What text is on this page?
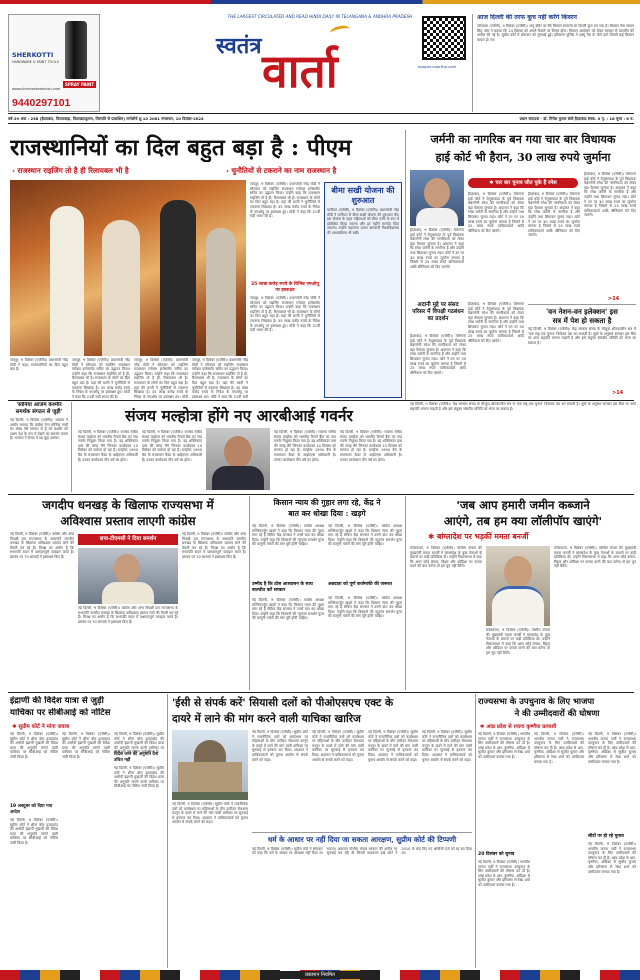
SHERKOTTI
HARDWARE & PAINT TOOLS
SPRAY PAINT
www.cherrieskeebrush.com
9440297101
THE LARGEST CIRCULATED AND READ HINDI DAILY IN TELANGANA & ANDHRA PRADESH
स्वतंत्र वार्ता	epaper.vaartha.com
आज दिल्ली की तरफ कूच नहीं करेंगे किसान
पटियाला (एजेंसी), 9 दिसंबर (एजेंसी)। शंभू बॉर्डर पर बैठे किसान संगठनों का दिल्ली कूच टल गया है। किसान नेता सरवन सिंह पंधेर ने बताया कि 14 दिसंबर को अगले फैसले पर विचार होगा। किसान आंदोलन को लेकर सरकार से बातचीत की अपील की गई है। सुप्रीम कोर्ट में सोमवार को सुनवाई हुई। हरियाणा पुलिस ने आंसू गैस के गोले दागे जिसमें कई किसान घायल हो गए।
वर्ष-29 अंक : 258 (हैदराबाद, विजयवाड़ा, विशाखापट्टणम, तिरुपति से प्रकाशित) मार्गशीर्ष शु.10 2081 मंगलवार, 10 दिसंबर-2024	प्रधान संपादक - डॉ. गिरीश कुमार संघी हैदराबाद संस्क. 0 पृ. : 16 मूल्य : 6 रु.
राजस्थानियों का दिल बहुत बड़ा है : पीएम
› राजस्थान राइजिंग तो है ही रिलायबल भी है	› चुनौतियों से टकराने का नाम राजस्थान है
जयपुर, 9 दिसंबर (एजेंसी)। प्रधानमंत्री नरेंद्र मोदी ने कहा, राजस्थानियों का दिल बहुत बड़ा है।
जयपुर, 9 दिसंबर (एजेंसी)। प्रधानमंत्री नरेंद्र मोदी ने सोमवार को राइजिंग राजस्थान ग्लोबल इन्वेस्टमेंट समिट का उद्घाटन किया। उन्होंने कहा कि राजस्थान राइजिंग तो है ही, रिलायबल भी है। राजस्थान के लोगों का दिल बहुत बड़ा है। यहां की धरती ने चुनौतियों से टकराना सिखाया है। 35 लाख करोड़ रुपये के निवेश के एमओयू पर हस्ताक्षर हुए। मोदी ने कहा कि 21वीं सदी भारत की है।
जयपुर, 9 दिसंबर (एजेंसी)। प्रधानमंत्री नरेंद्र मोदी ने सोमवार को राइजिंग राजस्थान ग्लोबल इन्वेस्टमेंट समिट का उद्घाटन किया। उन्होंने कहा कि राजस्थान राइजिंग तो है ही, रिलायबल भी है। राजस्थान के लोगों का दिल बहुत बड़ा है। यहां की धरती ने चुनौतियों से टकराना सिखाया है। 35 लाख करोड़ रुपये के निवेश के एमओयू पर हस्ताक्षर हुए। मोदी
जयपुर, 9 दिसंबर (एजेंसी)। प्रधानमंत्री नरेंद्र मोदी ने सोमवार को राइजिंग राजस्थान ग्लोबल इन्वेस्टमेंट समिट का उद्घाटन किया। उन्होंने कहा कि राजस्थान राइजिंग तो है ही, रिलायबल भी है। राजस्थान के लोगों का दिल बहुत बड़ा है। यहां की धरती ने चुनौतियों से टकराना सिखाया है। 35 लाख करोड़ रुपये के निवेश के एमओयू पर हस्ताक्षर हुए। मोदी ने कहा कि 21वीं सदी
जयपुर, 9 दिसंबर (एजेंसी)। प्रधानमंत्री नरेंद्र मोदी ने सोमवार को राइजिंग राजस्थान ग्लोबल इन्वेस्टमेंट समिट का उद्घाटन किया। उन्होंने कहा कि राजस्थान राइजिंग तो है ही, रिलायबल भी है। राजस्थान के लोगों का दिल बहुत बड़ा है। यहां की धरती ने चुनौतियों से टकराना सिखाया है। 35 लाख करोड़ रुपये के निवेश के एमओयू पर हस्ताक्षर हुए। मोदी ने कहा कि 21वीं सदी भारत की है।
35 लाख करोड़ रुपये के विभिन्न एमओयू पर हस्ताक्षर
जयपुर, 9 दिसंबर (एजेंसी)। प्रधानमंत्री नरेंद्र मोदी ने सोमवार को राइजिंग राजस्थान ग्लोबल इन्वेस्टमेंट समिट का उद्घाटन किया। उन्होंने कहा कि राजस्थान राइजिंग तो है ही, रिलायबल भी है। राजस्थान के लोगों का दिल बहुत बड़ा है। यहां की धरती ने चुनौतियों से टकराना सिखाया है। 35 लाख करोड़ रुपये के निवेश के एमओयू पर हस्ताक्षर हुए। मोदी ने कहा कि 21वीं सदी भारत की है।
बीमा सखी योजना की शुरुआत
पानीपत (एजेंसी), 9 दिसंबर (एजेंसी)। प्रधानमंत्री नरेंद्र मोदी ने पानीपत से बीमा सखी योजना की शुरुआत की। इस योजना के तहत महिलाओं को बीमा एजेंट के रूप में प्रशिक्षित किया जाएगा और हर महीने मानदेय दिया जाएगा। उन्होंने महाराणा प्रताप बागवानी विश्वविद्यालय की आधारशिला भी रखी।
जर्मनी का नागरिक बन गया चार बार विधायक
हाई कोर्ट भी हैरान, 30 लाख रुपये जुर्माना
हैदराबाद, 9 दिसंबर (एजेंसी)। तेलंगाना हाई कोर्ट ने वेमुलावाड़ा के पूर्व विधायक चेन्नमनेनी रमेश की नागरिकता को लेकर बड़ा फैसला सुनाया है। अदालत ने कहा कि रमेश जर्मनी के नागरिक हैं और उन्होंने तथ्य छिपाकर चुनाव लड़ा। कोर्ट ने उन पर 30 लाख रुपये का जुर्माना लगाया है जिसमें से 25 लाख रुपये याचिकाकर्ता आदि श्रीनिवास को दिए जाएंगे।
✱ चार बार चुनाव जीत चुके हैं रमेश
हैदराबाद, 9 दिसंबर (एजेंसी)। तेलंगाना हाई कोर्ट ने वेमुलावाड़ा के पूर्व विधायक चेन्नमनेनी रमेश की नागरिकता को लेकर बड़ा फैसला सुनाया है। अदालत ने कहा कि रमेश जर्मनी के नागरिक हैं और उन्होंने तथ्य छिपाकर चुनाव लड़ा। कोर्ट ने उन पर 30 लाख रुपये का जुर्माना लगाया है जिसमें से 25 लाख रुपये याचिकाकर्ता आदि श्रीनिवास को दिए जाएंगे।
हैदराबाद, 9 दिसंबर (एजेंसी)। तेलंगाना हाई कोर्ट ने वेमुलावाड़ा के पूर्व विधायक चेन्नमनेनी रमेश की नागरिकता को लेकर बड़ा फैसला सुनाया है। अदालत ने कहा कि रमेश जर्मनी के नागरिक हैं और उन्होंने तथ्य छिपाकर चुनाव लड़ा। कोर्ट ने उन पर 30 लाख रुपये का जुर्माना लगाया है जिसमें से 25 लाख रुपये याचिकाकर्ता आदि श्रीनिवास को दिए जाएंगे।
हैदराबाद, 9 दिसंबर (एजेंसी)। तेलंगाना हाई कोर्ट ने वेमुलावाड़ा के पूर्व विधायक चेन्नमनेनी रमेश की नागरिकता को लेकर बड़ा फैसला सुनाया है। अदालत ने कहा कि रमेश जर्मनी के नागरिक हैं और उन्होंने तथ्य छिपाकर चुनाव लड़ा। कोर्ट ने उन पर 30 लाख रुपये का जुर्माना लगाया है जिसमें से 25 लाख रुपये याचिकाकर्ता आदि श्रीनिवास को दिए जाएंगे।
>14
अदानी मुद्दे पर संसद परिसर में विपक्षी गठबंधन का प्रदर्शन
हैदराबाद, 9 दिसंबर (एजेंसी)। तेलंगाना हाई कोर्ट ने वेमुलावाड़ा के पूर्व विधायक चेन्नमनेनी रमेश की नागरिकता को लेकर बड़ा फैसला सुनाया है। अदालत ने कहा कि रमेश जर्मनी के नागरिक हैं और उन्होंने तथ्य छिपाकर चुनाव लड़ा। कोर्ट ने उन पर 30 लाख रुपये का जुर्माना लगाया है जिसमें से 25 लाख रुपये याचिकाकर्ता आदि श्रीनिवास को दिए जाएंगे।
हैदराबाद, 9 दिसंबर (एजेंसी)। तेलंगाना हाई कोर्ट ने वेमुलावाड़ा के पूर्व विधायक चेन्नमनेनी रमेश की नागरिकता को लेकर बड़ा फैसला सुनाया है। अदालत ने कहा कि रमेश जर्मनी के नागरिक हैं और उन्होंने तथ्य छिपाकर चुनाव लड़ा। कोर्ट ने उन पर 30 लाख रुपये का जुर्माना लगाया है जिसमें से 25 लाख रुपये याचिकाकर्ता आदि श्रीनिवास को दिए जाएंगे।
'वन नेशन-वन इलेक्शन' इस
सत्र में पेश हो सकता है
नई दिल्ली, 9 दिसंबर (एजेंसी)। केंद्र सरकार संसद के मौजूदा शीतकालीन सत्र में 'एक राष्ट्र-एक चुनाव' विधेयक पेश कर सकती है। सूत्रों के अनुसार सरकार इस बिल पर आम सहमति बनाना चाहती है और इसे संयुक्त संसदीय समिति को भेजा जा सकता है।
>14
'सोनिया आजम कश्मीर समर्थक संगठन से जुड़ी'
नई दिल्ली, 9 दिसंबर (एजेंसी)। भाजपा ने आरोप लगाया कि कांग्रेस नेता सोनिया गांधी का संबंध ऐसे संगठन से है जो कश्मीर को अलग देश के रूप में देखने का समर्थन करता है। भाजपा ने संसद में यह मुद्दा उठाया।
संजय मल्होत्रा होंगे नए आरबीआई गवर्नर
नई दिल्ली, 9 दिसंबर (एजेंसी)। राजस्व सचिव संजय मल्होत्रा को भारतीय रिजर्व बैंक का नया गवर्नर नियुक्त किया गया है। वह शक्तिकांत दास की जगह लेंगे जिनका कार्यकाल 10 दिसंबर को समाप्त हो रहा है। मल्होत्रा 1990 बैच के राजस्थान कैडर के आईएएस अधिकारी हैं। उनका कार्यकाल तीन वर्ष का होगा।
नई दिल्ली, 9 दिसंबर (एजेंसी)। राजस्व सचिव संजय मल्होत्रा को भारतीय रिजर्व बैंक का नया गवर्नर नियुक्त किया गया है। वह शक्तिकांत दास की जगह लेंगे जिनका कार्यकाल 10 दिसंबर को समाप्त हो रहा है। मल्होत्रा 1990 बैच के राजस्थान कैडर के आईएएस अधिकारी हैं। उनका कार्यकाल तीन वर्ष का होगा।
नई दिल्ली, 9 दिसंबर (एजेंसी)। राजस्व सचिव संजय मल्होत्रा को भारतीय रिजर्व बैंक का नया गवर्नर नियुक्त किया गया है। वह शक्तिकांत दास की जगह लेंगे जिनका कार्यकाल 10 दिसंबर को समाप्त हो रहा है। मल्होत्रा 1990 बैच के राजस्थान कैडर के आईएएस अधिकारी हैं। उनका कार्यकाल तीन वर्ष का होगा।
नई दिल्ली, 9 दिसंबर (एजेंसी)। राजस्व सचिव संजय मल्होत्रा को भारतीय रिजर्व बैंक का नया गवर्नर नियुक्त किया गया है। वह शक्तिकांत दास की जगह लेंगे जिनका कार्यकाल 10 दिसंबर को समाप्त हो रहा है। मल्होत्रा 1990 बैच के राजस्थान कैडर के आईएएस अधिकारी हैं। उनका कार्यकाल तीन वर्ष का होगा।
नई दिल्ली, 9 दिसंबर (एजेंसी)। केंद्र सरकार संसद के मौजूदा शीतकालीन सत्र में 'एक राष्ट्र-एक चुनाव' विधेयक पेश कर सकती है। सूत्रों के अनुसार सरकार इस बिल पर आम सहमति बनाना चाहती है और इसे संयुक्त संसदीय समिति को भेजा जा सकता है।
जगदीप धनखड़ के खिलाफ राज्यसभा में
अविश्वास प्रस्ताव लाएगी कांग्रेस
नई दिल्ली, 9 दिसंबर (एजेंसी)। कांग्रेस और अन्य विपक्षी दल राज्यसभा के सभापति जगदीप धनखड़ के खिलाफ अविश्वास प्रस्ताव लाने की तैयारी कर रहे हैं। विपक्ष का आरोप है कि सभापति सदन में पक्षपातपूर्ण व्यवहार करते हैं। प्रस्ताव पर 70 सांसदों ने हस्ताक्षर किए हैं।
सपा-टीएमसी ने दिया समर्थन
नई दिल्ली, 9 दिसंबर (एजेंसी)। कांग्रेस और अन्य विपक्षी दल राज्यसभा के सभापति जगदीप धनखड़ के खिलाफ अविश्वास प्रस्ताव लाने की तैयारी कर रहे हैं। विपक्ष का आरोप है कि सभापति सदन में पक्षपातपूर्ण व्यवहार करते हैं। प्रस्ताव पर 70 सांसदों ने हस्ताक्षर किए हैं।
नई दिल्ली, 9 दिसंबर (एजेंसी)। कांग्रेस और अन्य विपक्षी दल राज्यसभा के सभापति जगदीप धनखड़ के खिलाफ अविश्वास प्रस्ताव लाने की तैयारी कर रहे हैं। विपक्ष का आरोप है कि सभापति सदन में पक्षपातपूर्ण व्यवहार करते हैं। प्रस्ताव पर 70 सांसदों ने हस्ताक्षर किए हैं।
किसान न्याय की गुहार लगा रहे, केंद्र ने
बात कर धोखा दिया : खड़गे
नई दिल्ली, 9 दिसंबर (एजेंसी)। कांग्रेस अध्यक्ष मल्लिकार्जुन खड़गे ने कहा कि किसान न्याय की गुहार लगा रहे हैं लेकिन केंद्र सरकार ने उनसे बात कर धोखा दिया। उन्होंने कहा कि किसानों की न्यूनतम समर्थन मूल्य की कानूनी गारंटी की मांग पूरी होनी चाहिए।
नई दिल्ली, 9 दिसंबर (एजेंसी)। कांग्रेस अध्यक्ष मल्लिकार्जुन खड़गे ने कहा कि किसान न्याय की गुहार लगा रहे हैं लेकिन केंद्र सरकार ने उनसे बात कर धोखा दिया। उन्होंने कहा कि किसानों की न्यूनतम समर्थन मूल्य की कानूनी गारंटी की मांग पूरी होनी चाहिए।
अन्नदाता को पूर्ण कर्जमाफी की जरूरत
उम्मीद है कि ठोस आश्वासन के साथ बातचीत करें सरकार
नई दिल्ली, 9 दिसंबर (एजेंसी)। कांग्रेस अध्यक्ष मल्लिकार्जुन खड़गे ने कहा कि किसान न्याय की गुहार लगा रहे हैं लेकिन केंद्र सरकार ने उनसे बात कर धोखा दिया। उन्होंने कहा कि किसानों की न्यूनतम समर्थन मूल्य की कानूनी गारंटी की मांग पूरी होनी चाहिए।
नई दिल्ली, 9 दिसंबर (एजेंसी)। कांग्रेस अध्यक्ष मल्लिकार्जुन खड़गे ने कहा कि किसान न्याय की गुहार लगा रहे हैं लेकिन केंद्र सरकार ने उनसे बात कर धोखा दिया। उन्होंने कहा कि किसानों की न्यूनतम समर्थन मूल्य की कानूनी गारंटी की मांग पूरी होनी चाहिए।
'जब आप हमारी जमीन कब्जाने
आएंगे, तब हम क्या लॉलीपॉप खाएंगे'
✱ बांग्लादेश पर भड़कीं ममता बनर्जी
कोलकाता, 9 दिसंबर (एजेंसी)। पश्चिम बंगाल की मुख्यमंत्री ममता बनर्जी ने बांग्लादेश के कुछ नेताओं के बयानों पर कड़ी प्रतिक्रिया दी। उन्होंने विधानसभा में कहा कि अगर कोई बंगाल, बिहार और ओडिशा पर कब्जा करने की बात करेगा तो हम चुप नहीं बैठेंगे।
कोलकाता, 9 दिसंबर (एजेंसी)। पश्चिम बंगाल की मुख्यमंत्री ममता बनर्जी ने बांग्लादेश के कुछ नेताओं के बयानों पर कड़ी प्रतिक्रिया दी। उन्होंने विधानसभा में कहा कि अगर कोई बंगाल, बिहार और ओडिशा पर कब्जा करने की बात करेगा तो हम चुप नहीं बैठेंगे।
कोलकाता, 9 दिसंबर (एजेंसी)। पश्चिम बंगाल की मुख्यमंत्री ममता बनर्जी ने बांग्लादेश के कुछ नेताओं के बयानों पर कड़ी प्रतिक्रिया दी। उन्होंने विधानसभा में कहा कि अगर कोई बंगाल, बिहार और ओडिशा पर कब्जा करने की बात करेगा तो हम चुप नहीं बैठेंगे।
इंद्राणी की विदेश यात्रा से जुड़ी
याचिका पर सीबीआई को नोटिस
✱ सुप्रीम कोर्ट ने मांगा जवाब
नई दिल्ली, 9 दिसंबर (एजेंसी)। सुप्रीम कोर्ट ने शीना बोरा हत्याकांड की आरोपी इंद्राणी मुखर्जी की विदेश यात्रा की अनुमति मांगने वाली याचिका पर सीबीआई को नोटिस जारी किया है।
19 अक्टूबर को दिया गया आदेश
नई दिल्ली, 9 दिसंबर (एजेंसी)। सुप्रीम कोर्ट ने शीना बोरा हत्याकांड की आरोपी इंद्राणी मुखर्जी की विदेश यात्रा की अनुमति मांगने वाली याचिका पर सीबीआई को नोटिस जारी किया है।
नई दिल्ली, 9 दिसंबर (एजेंसी)। सुप्रीम कोर्ट ने शीना बोरा हत्याकांड की आरोपी इंद्राणी मुखर्जी की विदेश यात्रा की अनुमति मांगने वाली याचिका पर सीबीआई को नोटिस जारी किया है।	विदेश जाने की अनुमति देना उचित नहीं
नई दिल्ली, 9 दिसंबर (एजेंसी)। सुप्रीम कोर्ट ने शीना बोरा हत्याकांड की आरोपी इंद्राणी मुखर्जी की विदेश यात्रा की अनुमति मांगने वाली याचिका पर
नई दिल्ली, 9 दिसंबर (एजेंसी)। सुप्रीम कोर्ट ने शीना बोरा हत्याकांड की आरोपी इंद्राणी मुखर्जी की विदेश यात्रा की अनुमति मांगने वाली याचिका पर सीबीआई को नोटिस जारी किया है।
'ईसी से संपर्क करें' सियासी दलों को पीओएसएच एक्ट के
दायरे में लाने की मांग करने वाली याचिका खारिज
नई दिल्ली, 9 दिसंबर (एजेंसी)। सुप्रीम कोर्ट ने राजनीतिक दलों को कार्यस्थल पर महिलाओं के यौन उत्पीड़न रोकथाम कानून के दायरे में लाने की मांग वाली याचिका पर सुनवाई से इनकार कर दिया। अदालत ने याचिकाकर्ता को चुनाव आयोग से संपर्क करने को कहा।
नई दिल्ली, 9 दिसंबर (एजेंसी)। सुप्रीम कोर्ट ने राजनीतिक दलों को कार्यस्थल पर महिलाओं के यौन उत्पीड़न रोकथाम कानून के दायरे में लाने की मांग वाली याचिका पर सुनवाई से इनकार कर दिया। अदालत ने याचिकाकर्ता को चुनाव आयोग से संपर्क करने को कहा।
नई दिल्ली, 9 दिसंबर (एजेंसी)। सुप्रीम कोर्ट ने राजनीतिक दलों को कार्यस्थल पर महिलाओं के यौन उत्पीड़न रोकथाम कानून के दायरे में लाने की मांग वाली याचिका पर सुनवाई से इनकार कर दिया। अदालत ने याचिकाकर्ता को चुनाव आयोग से संपर्क करने को कहा।
नई दिल्ली, 9 दिसंबर (एजेंसी)। सुप्रीम कोर्ट ने राजनीतिक दलों को कार्यस्थल पर महिलाओं के यौन उत्पीड़न रोकथाम कानून के दायरे में लाने की मांग वाली याचिका पर सुनवाई से इनकार कर दिया। अदालत ने याचिकाकर्ता को चुनाव आयोग से संपर्क करने को कहा।
नई दिल्ली, 9 दिसंबर (एजेंसी)। सुप्रीम कोर्ट ने राजनीतिक दलों को कार्यस्थल पर महिलाओं के यौन उत्पीड़न रोकथाम कानून के दायरे में लाने की मांग वाली याचिका पर सुनवाई से इनकार कर दिया। अदालत ने याचिकाकर्ता को चुनाव आयोग से संपर्क करने को कहा।
धर्म के आधार पर नहीं दिया जा सकता आरक्षण, सुप्रीम कोर्ट की टिप्पणी
नई दिल्ली, 9 दिसंबर (एजेंसी)। सुप्रीम कोर्ट ने सोमवार को कहा कि धर्म के आधार पर आरक्षण नहीं दिया जा सकता। अदालत पश्चिम बंगाल सरकार की अपील पर सुनवाई कर रही थी जिसमें कलकत्ता हाई कोर्ट ने 2010 के बाद दिए गए ओबीसी दर्जे को रद्द कर दिया था।
राज्यसभा के उपचुनाव के लिए भाजपा
ने की उम्मीदवारों की घोषणा
✱ आंध्र प्रदेश से रयागा कृष्णैया प्रत्याशी
नई दिल्ली, 9 दिसंबर (एजेंसी)। भारतीय जनता पार्टी ने राज्यसभा उपचुनाव के लिए उम्मीदवारों की घोषणा कर दी है। आंध्र प्रदेश से आर. कृष्णैया, ओडिशा से सुजीत कुमार और हरियाणा से रेखा शर्मा को उम्मीदवार बनाया गया है।
20 दिसंबर को चुनाव
नई दिल्ली, 9 दिसंबर (एजेंसी)। भारतीय जनता पार्टी ने राज्यसभा उपचुनाव के लिए उम्मीदवारों की घोषणा कर दी है। आंध्र प्रदेश से आर. कृष्णैया, ओडिशा से सुजीत कुमार और हरियाणा से रेखा शर्मा को उम्मीदवार बनाया गया है।
नई दिल्ली, 9 दिसंबर (एजेंसी)। भारतीय जनता पार्टी ने राज्यसभा उपचुनाव के लिए उम्मीदवारों की घोषणा कर दी है। आंध्र प्रदेश से आर. कृष्णैया, ओडिशा से सुजीत कुमार और हरियाणा से रेखा शर्मा को उम्मीदवार बनाया गया है।
नई दिल्ली, 9 दिसंबर (एजेंसी)। भारतीय जनता पार्टी ने राज्यसभा उपचुनाव के लिए उम्मीदवारों की घोषणा कर दी है। आंध्र प्रदेश से आर. कृष्णैया, ओडिशा से सुजीत कुमार और हरियाणा से रेखा शर्मा को उम्मीदवार बनाया गया है।
सीटों पर हो रहे चुनाव
नई दिल्ली, 9 दिसंबर (एजेंसी)। भारतीय जनता पार्टी ने राज्यसभा उपचुनाव के लिए उम्मीदवारों की घोषणा कर दी है। आंध्र प्रदेश से आर. कृष्णैया, ओडिशा से सुजीत कुमार और हरियाणा से रेखा शर्मा को उम्मीदवार बनाया गया है।
प्रकाशन नियमित
